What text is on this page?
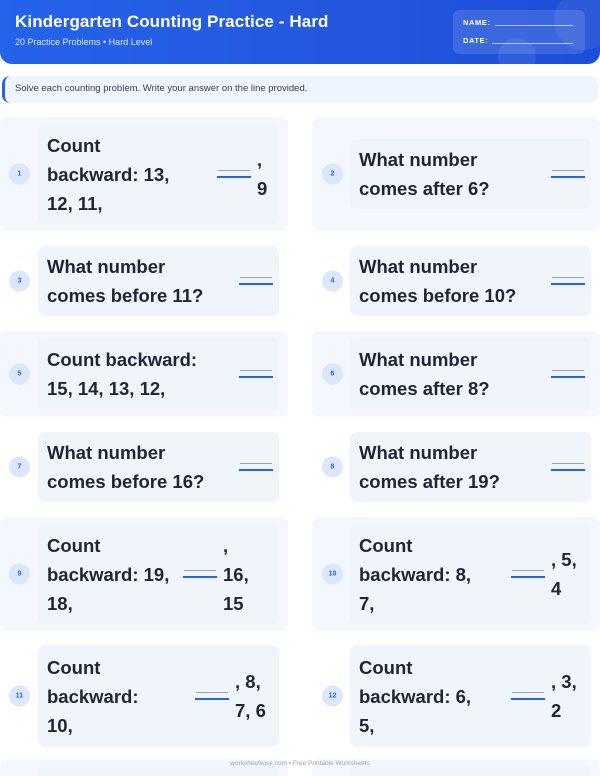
Kindergarten Counting Practice - Hard
20 Practice Problems • Hard Level
NAME:
DATE:
Solve each counting problem. Write your answer on the line provided.
1
Count backward: 13, 12, 11,
, 9
2
What number comes after 6?
3
What number comes before 11?
4
What number comes before 10?
5
Count backward: 15, 14, 13, 12,
6
What number comes after 8?
7
What number comes before 16?
8
What number comes after 19?
9
Count backward: 19, 18,
, 16, 15
10
Count backward: 8, 7,
, 5, 4
11
Count backward: 10,
, 8, 7, 6
12
Count backward: 6, 5,
, 3, 2
worksheetwise.com • Free Printable Worksheets
